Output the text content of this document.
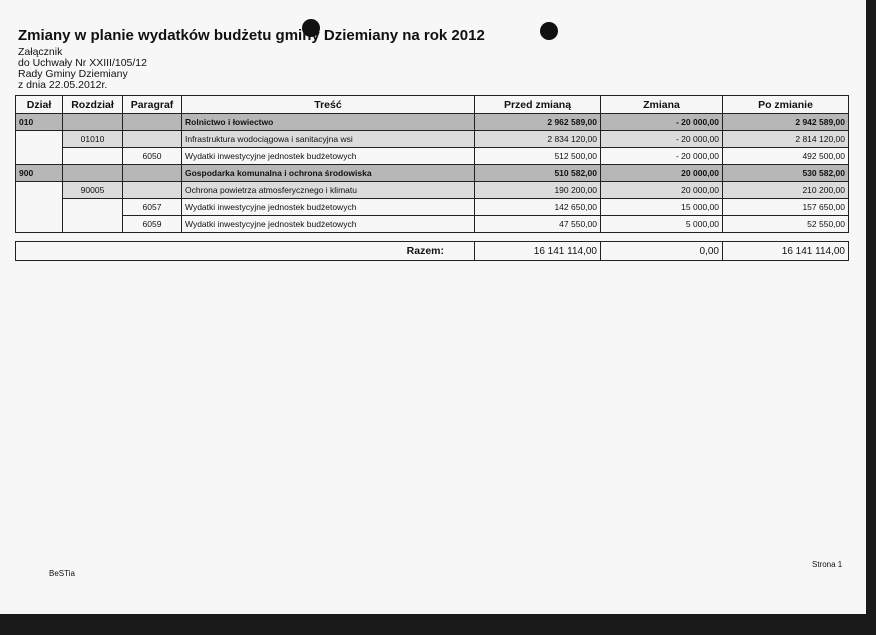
Zmiany w planie wydatków budżetu gminy Dziemiany na rok 2012
Załącznik
do Uchwały Nr XXIII/105/12
Rady Gminy Dziemiany
z dnia 22.05.2012r.
Dział	Rozdział	Paragraf	Treść	Przed zmianą	Zmiana	Po zmianie
010			Rolnictwo i łowiectwo	2 962 589,00	- 20 000,00	2 942 589,00
	01010		Infrastruktura wodociągowa i sanitacyjna wsi	2 834 120,00	- 20 000,00	2 814 120,00
		6050	Wydatki inwestycyjne jednostek budżetowych	512 500,00	- 20 000,00	492 500,00
900			Gospodarka komunalna i ochrona środowiska	510 582,00	20 000,00	530 582,00
	90005		Ochrona powietrza atmosferycznego i klimatu	190 200,00	20 000,00	210 200,00
		6057	Wydatki inwestycyjne jednostek budżetowych	142 650,00	15 000,00	157 650,00
		6059	Wydatki inwestycyjne jednostek budżetowych	47 550,00	5 000,00	52 550,00
Razem:	16 141 114,00	0,00	16 141 114,00
BeSTia
Strona 1
